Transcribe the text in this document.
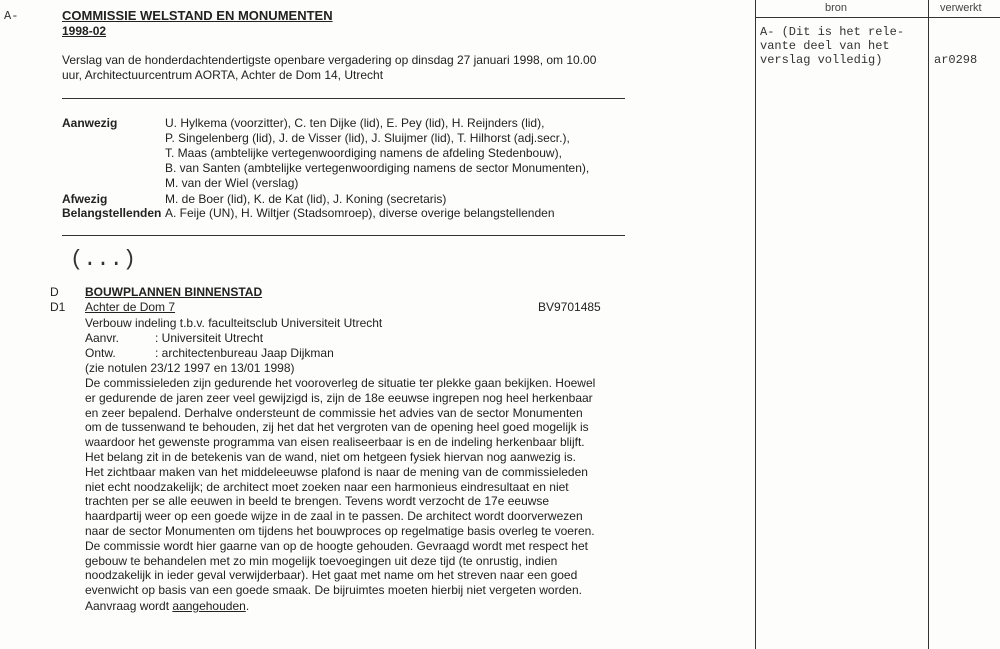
A-	COMMISSIE WELSTAND EN MONUMENTEN
1998-02
Verslag van de honderdachtendertigste openbare vergadering op dinsdag 27 januari 1998, om 10.00
uur, Architectuurcentrum AORTA, Achter de Dom 14, Utrecht
Aanwezig	U. Hylkema (voorzitter), C. ten Dijke (lid), E. Pey (lid), H. Reijnders (lid),
P. Singelenberg (lid), J. de Visser (lid), J. Sluijmer (lid), T. Hilhorst (adj.secr.),
T. Maas (ambtelijke vertegenwoordiging namens de afdeling Stedenbouw),
B. van Santen (ambtelijke vertegenwoordiging namens de sector Monumenten),
M. van der Wiel (verslag)
Afwezig	M. de Boer (lid), K. de Kat (lid), J. Koning (secretaris)
Belangstellenden A. Feije (UN), H. Wiltjer (Stadsomroep), diverse overige belangstellenden
(...)
D BOUWPLANNEN BINNENSTAD
D1 Achter de Dom 7	BV9701485
Verbouw indeling t.b.v. faculteitsclub Universiteit Utrecht
Aanvr.	: Universiteit Utrecht
Ontw.	: architectenbureau Jaap Dijkman
(zie notulen 23/12 1997 en 13/01 1998)
De commissieleden zijn gedurende het vooroverleg de situatie ter plekke gaan bekijken. Hoewel
er gedurende de jaren zeer veel gewijzigd is, zijn de 18e eeuwse ingrepen nog heel herkenbaar
en zeer bepalend. Derhalve ondersteunt de commissie het advies van de sector Monumenten
om de tussenwand te behouden, zij het dat het vergroten van de opening heel goed mogelijk is
waardoor het gewenste programma van eisen realiseerbaar is en de indeling herkenbaar blijft.
Het belang zit in de betekenis van de wand, niet om hetgeen fysiek hiervan nog aanwezig is.
Het zichtbaar maken van het middeleeuwse plafond is naar de mening van de commissieleden
niet echt noodzakelijk; de architect moet zoeken naar een harmonieus eindresultaat en niet
trachten per se alle eeuwen in beeld te brengen. Tevens wordt verzocht de 17e eeuwse
haardpartij weer op een goede wijze in de zaal in te passen. De architect wordt doorverwezen
naar de sector Monumenten om tijdens het bouwproces op regelmatige basis overleg te voeren.
De commissie wordt hier gaarne van op de hoogte gehouden. Gevraagd wordt met respect het
gebouw te behandelen met zo min mogelijk toevoegingen uit deze tijd (te onrustig, indien
noodzakelijk in ieder geval verwijderbaar). Het gaat met name om het streven naar een goed
evenwicht op basis van een goede smaak. De bijruimtes moeten hierbij niet vergeten worden.
Aanvraag wordt aangehouden.
bron	verwerkt
A- (Dit is het rele-
vante deel van het
verslag volledig)	ar0298
